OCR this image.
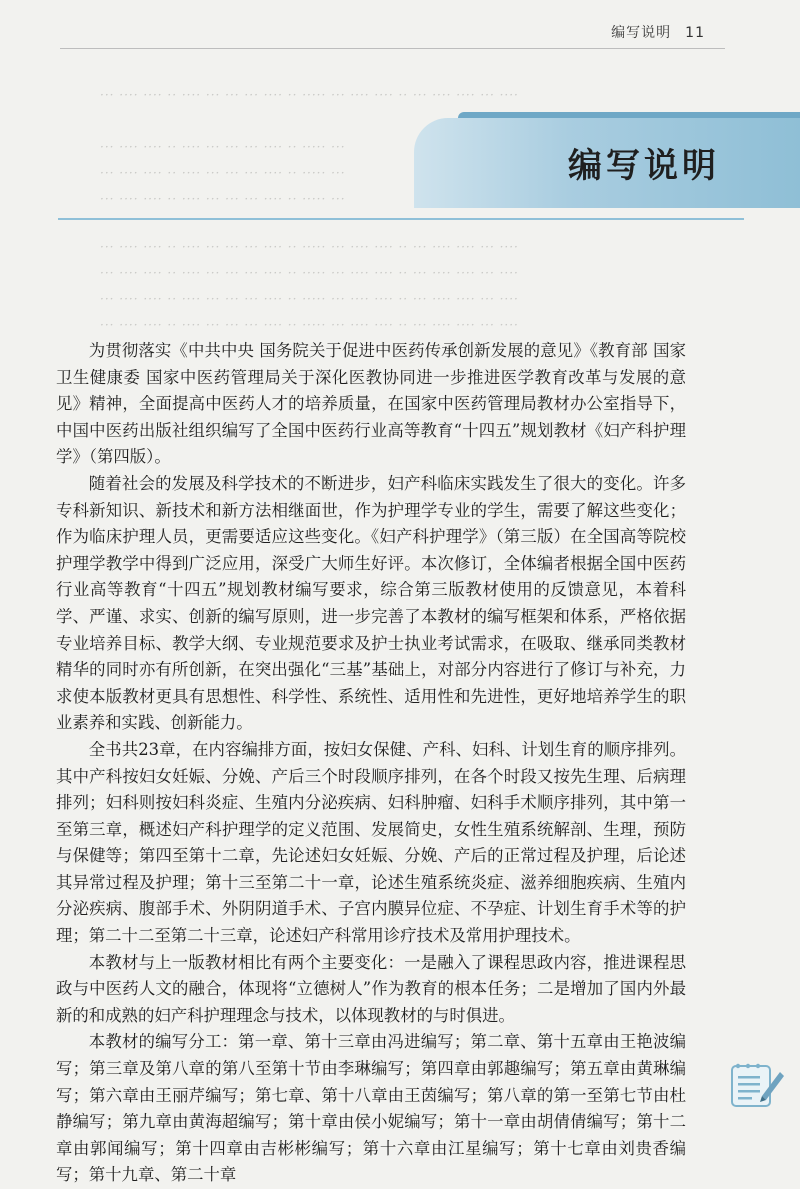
编写说明 11
··· ···· ···· ·· ···· ··· ··· ··· ···· ·· ····· ··· ···· ···· ·· ··· ···· ···· ··· ····
··· ···· ···· ·· ···· ··· ··· ··· ···· ·· ····· ···
··· ···· ···· ·· ···· ··· ··· ··· ···· ·· ····· ···
··· ···· ···· ·· ···· ··· ··· ··· ···· ·· ····· ···
··· ···· ···· ·· ···· ··· ··· ··· ···· ·· ····· ··· ···· ···· ·· ··· ···· ···· ··· ····
··· ···· ···· ·· ···· ··· ··· ··· ···· ·· ····· ··· ···· ···· ·· ··· ···· ···· ··· ····
··· ···· ···· ·· ···· ··· ··· ··· ···· ·· ····· ··· ···· ···· ·· ··· ···· ···· ··· ····
··· ···· ···· ·· ···· ··· ··· ··· ···· ·· ····· ··· ···· ···· ·· ··· ···· ···· ··· ····
编写说明

为贯彻落实《中共中央 国务院关于促进中医药传承创新发展的意见》《教育部 国家卫生健康委 国家中医药管理局关于深化医教协同进一步推进医学教育改革与发展的意见》精神，全面提高中医药人才的培养质量，在国家中医药管理局教材办公室指导下，中国中医药出版社组织编写了全国中医药行业高等教育“十四五”规划教材《妇产科护理学》（第四版）。

随着社会的发展及科学技术的不断进步，妇产科临床实践发生了很大的变化。许多专科新知识、新技术和新方法相继面世，作为护理学专业的学生，需要了解这些变化；作为临床护理人员，更需要适应这些变化。《妇产科护理学》（第三版）在全国高等院校护理学教学中得到广泛应用，深受广大师生好评。本次修订，全体编者根据全国中医药行业高等教育“十四五”规划教材编写要求，综合第三版教材使用的反馈意见，本着科学、严谨、求实、创新的编写原则，进一步完善了本教材的编写框架和体系，严格依据专业培养目标、教学大纲、专业规范要求及护士执业考试需求，在吸取、继承同类教材精华的同时亦有所创新，在突出强化“三基”基础上，对部分内容进行了修订与补充，力求使本版教材更具有思想性、科学性、系统性、适用性和先进性，更好地培养学生的职业素养和实践、创新能力。

全书共23章，在内容编排方面，按妇女保健、产科、妇科、计划生育的顺序排列。其中产科按妇女妊娠、分娩、产后三个时段顺序排列，在各个时段又按先生理、后病理排列；妇科则按妇科炎症、生殖内分泌疾病、妇科肿瘤、妇科手术顺序排列，其中第一至第三章，概述妇产科护理学的定义范围、发展简史，女性生殖系统解剖、生理，预防与保健等；第四至第十二章，先论述妇女妊娠、分娩、产后的正常过程及护理，后论述其异常过程及护理；第十三至第二十一章，论述生殖系统炎症、滋养细胞疾病、生殖内分泌疾病、腹部手术、外阴阴道手术、子宫内膜异位症、不孕症、计划生育手术等的护理；第二十二至第二十三章，论述妇产科常用诊疗技术及常用护理技术。

本教材与上一版教材相比有两个主要变化：一是融入了课程思政内容，推进课程思政与中医药人文的融合，体现将“立德树人”作为教育的根本任务；二是增加了国内外最新的和成熟的妇产科护理理念与技术，以体现教材的与时俱进。

本教材的编写分工：第一章、第十三章由冯进编写；第二章、第十五章由王艳波编写；第三章及第八章的第八至第十节由李琳编写；第四章由郭趣编写；第五章由黄琳编写；第六章由王丽芹编写；第七章、第十八章由王茵编写；第八章的第一至第七节由杜静编写；第九章由黄海超编写；第十章由侯小妮编写；第十一章由胡倩倩编写；第十二章由郭闻编写；第十四章由吉彬彬编写；第十六章由江星编写；第十七章由刘贵香编写；第十九章、第二十章
